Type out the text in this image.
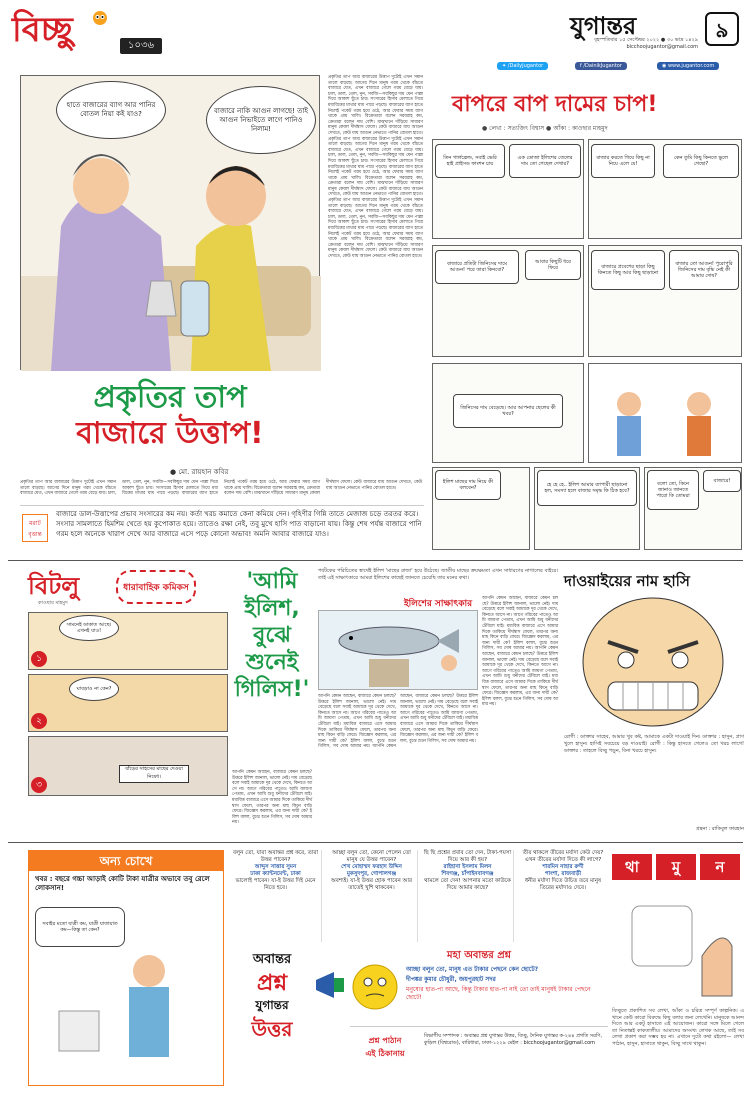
বিচ্ছু	১০৩৬
যুগান্তর
বৃহস্পতিবার ১৫ সেপ্টেম্বর ২০২২ ● ৩০ ভাদ্র ১৪২৯
bicchoojugantor@gmail.com
৯
✦ /DailyJugantor	f /DainikJugantor	◉ www.jugantor.com
হাতে বাজারের ব্যাগ আর পানির বোতল নিয়া কই যাও?	বাজারে নাকি আগুন লাগছে! তাই আগুন নিভাইতে লাগে পানিও নিলাম!
প্রকৃতির তাপ আর বাজারের উত্তাপ দুটোই এখন সমানতালে বাড়ছে। আগের দিনে মানুষ গরম থেকে বাঁচতে বাজারে যেত, এখন বাজারে গেলে গরম বেড়ে যায়। চাল, ডাল, তেল, নুন, সবজি—সবকিছুর দাম যেন পাল্লা দিয়ে আকাশ ছুঁতে চায়। সংসারের হিসাব মেলাতে গিয়ে মধ্যবিত্তের মাথার ঘাম পায়ে পড়ছে। বাজারের ব্যাগ হাতে নিলেই পকেট গরম হয়ে ওঠে, আর ফেরার সময় ব্যাগ থাকে প্রায় খালি। বিক্রেতারা বলেন সরবরাহ কম, ক্রেতারা বলেন দাম বেশি। মাঝখানে দাঁড়িয়ে সাধারণ মানুষ কেবল দীর্ঘশ্বাস ফেলে। কেউ বাজারে যায় আগুন দেখতে, কেউ যায় আগুন নেভাতে পানির বোতল হাতে। প্রকৃতির তাপ আর বাজারের উত্তাপ দুটোই এখন সমানতালে বাড়ছে। আগের দিনে মানুষ গরম থেকে বাঁচতে বাজারে যেত, এখন বাজারে গেলে গরম বেড়ে যায়। চাল, ডাল, তেল, নুন, সবজি—সবকিছুর দাম যেন পাল্লা দিয়ে আকাশ ছুঁতে চায়। সংসারের হিসাব মেলাতে গিয়ে মধ্যবিত্তের মাথার ঘাম পায়ে পড়ছে। বাজারের ব্যাগ হাতে নিলেই পকেট গরম হয়ে ওঠে, আর ফেরার সময় ব্যাগ থাকে প্রায় খালি। বিক্রেতারা বলেন সরবরাহ কম, ক্রেতারা বলেন দাম বেশি। মাঝখানে দাঁড়িয়ে সাধারণ মানুষ কেবল দীর্ঘশ্বাস ফেলে। কেউ বাজারে যায় আগুন দেখতে, কেউ যায় আগুন নেভাতে পানির বোতল হাতে। প্রকৃতির তাপ আর বাজারের উত্তাপ দুটোই এখন সমানতালে বাড়ছে। আগের দিনে মানুষ গরম থেকে বাঁচতে বাজারে যেত, এখন বাজারে গেলে গরম বেড়ে যায়। চাল, ডাল, তেল, নুন, সবজি—সবকিছুর দাম যেন পাল্লা দিয়ে আকাশ ছুঁতে চায়। সংসারের হিসাব মেলাতে গিয়ে মধ্যবিত্তের মাথার ঘাম পায়ে পড়ছে। বাজারের ব্যাগ হাতে নিলেই পকেট গরম হয়ে ওঠে, আর ফেরার সময় ব্যাগ থাকে প্রায় খালি। বিক্রেতারা বলেন সরবরাহ কম, ক্রেতারা বলেন দাম বেশি। মাঝখানে দাঁড়িয়ে সাধারণ মানুষ কেবল দীর্ঘশ্বাস ফেলে। কেউ বাজারে যায় আগুন দেখতে, কেউ যায় আগুন নেভাতে পানির বোতল হাতে।
প্রকৃতির তাপ
বাজারে উত্তাপ!
● মো. রায়হান কবির
প্রকৃতির তাপ আর বাজারের উত্তাপ দুটোই এখন সমানতালে বাড়ছে। আগের দিনে মানুষ গরম থেকে বাঁচতে বাজারে যেত, এখন বাজারে গেলে গরম বেড়ে যায়। চাল, ডাল, তেল, নুন, সবজি—সবকিছুর দাম যেন পাল্লা দিয়ে আকাশ ছুঁতে চায়। সংসারের হিসাব মেলাতে গিয়ে মধ্যবিত্তের মাথার ঘাম পায়ে পড়ছে। বাজারের ব্যাগ হাতে নিলেই পকেট গরম হয়ে ওঠে, আর ফেরার সময় ব্যাগ থাকে প্রায় খালি। বিক্রেতারা বলেন সরবরাহ কম, ক্রেতারা বলেন দাম বেশি। মাঝখানে দাঁড়িয়ে সাধারণ মানুষ কেবল দীর্ঘশ্বাস ফেলে। কেউ বাজারে যায় আগুন দেখতে, কেউ যায় আগুন নেভাতে পানির বোতল হাতে।
মরাট বৃত্তান্ত
বাজারে ডাল-উত্তাপের প্রভাব সংসারের কম নয়। কর্তা খরচ কমাতে কেনা কমিয়ে দেন। গৃহিণীর গিন্নি তাতে মেজাজ চড়ে তরতর করে। সংসার সামলাতে হিমশিম খেতে হয় কুপোকাত হয়ে। তাতেও রক্ষা নেই, তবু মুখে হাসি পাত বাড়ানো যায়। কিন্তু শেষ পর্যন্ত বাজারে পানি গরম হলে অনেকে খারাপ দেখে আর বাজারে এসে পড়ে কোনো অভাব! অমনি আবার বাজারে যাও।
বাপরে বাপ দামের চাপ!
● লেখা : সত্যজিৎ বিশ্বাস ● আঁকা : কাওছার মাহমুদ
তিন গার্লফ্রেন্ড, সবাই ভেরি হাই প্রাইসড ফাংশন চায়
এক ডোজা ইলিশের তেলের দাম তো গেছেল দেখার?
বাজার করতে গিয়ে কিছু না নিয়ে এলে যে!
কেন তুমি কিছু কিনতে ভুলে গেছো?
বাজারে প্রতিটা জিনিসের দামে আগুন! পরে তারা কিনবো?
আবার কিছুটি ধরে ফিরে	বাজারে প্রবেশের ছাড়া কিছু কিনতে কিছু আর কিছু ছাড়ানো
বাজার তো আগুন! পুরোপুরি জিনিসের দাম বৃদ্ধি নেই কী আমার দোষ?
জিনিসের দাম বেড়েছে। আর আপনার ছেলের কী খবর?
ইলিশ মাছের দাম নিয়ে কী বলবেন?	হে হে হে.. ইলিশ আমার ব্যাপারী ছাড়ানো হল, সমস্যা হলে বাজার সমৃদ্ধ কি ঠিক হবে?
বলো তো, কিনে জানাও জানতে পারো কি তোমরা
বাজারে!
বিটলু
কাওছার মাহমুদ
ধারাবাহিক কমিকস
১
সামনেই ডাকাত আছে। এখনই যাও!
২
ঘাবড়াও না কেন?
৩
যাঁড়ের সাহসের মাছের দেওয়া নিষেধ।
'আমি ইলিশ, বুঝে শুনেই গিলিস!'
পর্যটকের পরিচিতের স্বার্থেই ইলিশ 'মাছের রাজা' হয়ে উঠেছে। জাতীয় মাছের ক্রয়ক্ষমতা এখন সাধারণের নাগালের বাইরে। তাই এই সাক্ষাৎকারে আমরা ইলিশের কাছেই জানতে চেয়েছি তার মনের কথা।
ইলিশের সাক্ষাৎকার
আপনি কেমন আছেন, বাজারে কেমন চলছে? উত্তরে ইলিশ জানাল, ভালো নেই। দাম বেড়েছে বলে সবাই আমাকে দূর থেকে দেখে, কিনতে আসে না। আগে গরিবের পাতেও আমি জায়গা পেতাম, এখন আমি শুধু ধনীদের টেবিলে যাই। মধ্যবিত্ত বাজারে এসে আমার দিকে তাকিয়ে দীর্ঘশ্বাস ফেলে, তারপর অন্য মাছ কিনে বাড়ি ফেরে। জিজ্ঞেস করলাম, এর জন্য দায়ী কে? ইলিশ বলল, বুঝে শুনে গিলিস, সব দোষ আমার নয়।
আপনি কেমন আছেন, বাজারে কেমন চলছে? উত্তরে ইলিশ জানাল, ভালো নেই। দাম বেড়েছে বলে সবাই আমাকে দূর থেকে দেখে, কিনতে আসে না। আগে গরিবের পাতেও আমি জায়গা পেতাম, এখন আমি শুধু ধনীদের টেবিলে যাই। মধ্যবিত্ত বাজারে এসে আমার দিকে তাকিয়ে দীর্ঘশ্বাস ফেলে, তারপর অন্য মাছ কিনে বাড়ি ফেরে। জিজ্ঞেস করলাম, এর জন্য দায়ী কে? ইলিশ বলল, বুঝে শুনে গিলিস, সব দোষ আমার নয়। আপনি কেমন আছেন, বাজারে কেমন চলছে? উত্তরে ইলিশ জানাল, ভালো নেই। দাম বেড়েছে বলে সবাই আমাকে দূর থেকে দেখে, কিনতে আসে না। আগে গরিবের পাতেও আমি জায়গা পেতাম, এখন আমি শুধু ধনীদের টেবিলে যাই। মধ্যবিত্ত বাজারে এসে আমার দিকে তাকিয়ে দীর্ঘশ্বাস ফেলে, তারপর অন্য মাছ কিনে বাড়ি ফেরে। জিজ্ঞেস করলাম, এর জন্য দায়ী কে? ইলিশ বলল, বুঝে শুনে গিলিস, সব দোষ আমার নয়।
আপনি কেমন আছেন, বাজারে কেমন চলছে? উত্তরে ইলিশ জানাল, ভালো নেই। দাম বেড়েছে বলে সবাই আমাকে দূর থেকে দেখে, কিনতে আসে না। আগে গরিবের পাতেও আমি জায়গা পেতাম, এখন আমি শুধু ধনীদের টেবিলে যাই। মধ্যবিত্ত বাজারে এসে আমার দিকে তাকিয়ে দীর্ঘশ্বাস ফেলে, তারপর অন্য মাছ কিনে বাড়ি ফেরে। জিজ্ঞেস করলাম, এর জন্য দায়ী কে? ইলিশ বলল, বুঝে শুনে গিলিস, সব দোষ আমার নয়। আপনি কেমন আছেন, বাজারে কেমন চলছে? উত্তরে ইলিশ জানাল, ভালো নেই। দাম বেড়েছে বলে সবাই আমাকে দূর থেকে দেখে, কিনতে আসে না। আগে গরিবের পাতেও আমি জায়গা পেতাম, এখন আমি শুধু ধনীদের টেবিলে যাই। মধ্যবিত্ত বাজারে এসে আমার দিকে তাকিয়ে দীর্ঘশ্বাস ফেলে, তারপর অন্য মাছ কিনে বাড়ি ফেরে। জিজ্ঞেস করলাম, এর জন্য দায়ী কে? ইলিশ বলল, বুঝে শুনে গিলিস, সব দোষ আমার নয়।
দাওয়াইয়ের নাম হাসি
রোগী : ডাক্তার সাহেব, আমার খুব কষ্ট, আমাকে একটা দাওয়াই দিন। ডাক্তার : হাসুন, প্রাণ খুলে হাসুন। হাসিই সবচেয়ে বড় দাওয়াই। রোগী : কিন্তু হাসতে গেলেও তো খরচ লাগে! ডাক্তার : তাহলে বিচ্ছু পড়ুন, বিনা খরচে হাসুন।
গ্রন্থনা : রাকিবুল ফারহান
অন্য চোখে
খবর : বছরে গচ্চা আড়াই কোটি টাকা যাত্রীর অভাবে তবু রেলে লোকসান!
সবাইর মতো যাত্রী কম, যাত্রী যাতায়াত কম—কিন্তু তা কেন?
বলুন তো, যারা অবান্তর প্রশ্ন করে, তারা উত্তর পাবেন?
আব্দুস সাত্তার সুমন
ঢাকা ক্যান্টনমেন্ট, ঢাকা
ভালোই পাবেন। যা-ই উত্তর দিই মেনে নিতে হবে।
আচ্ছা বলুন তো, কেনো পেলেন তো মানুষ যে উত্তর পাবেন?
শেখ মোহাম্মদ ফরহাদ উদ্দিন
মুকসুদপুর, গোপালগঞ্জ
অবশ্যই। যা-ই উত্তর হোক পাবেন আর তাতেই খুশি থাকবেন।
ছি ছি প্রশ্নের প্রবাব তো দেন, টাকা-পয়সা দিয়ে আর কী হয়?
রাইহানা ইসলাম মিলন
শিবগঞ্জ, চাঁপাইনবাবগঞ্জ
থামলে তো দেন! আপনার মতো কাউকে দিয়ে আমার কাছে?
তীর থাকলে তীরের মর্যাদা কেউ দেয়? এখন তীরের মর্যাদা দিতে কী লাগে?
শারমিন নাহার রুণী
পাংশা, রাজবাড়ী
ধনীর মর্যাদা দিতে উচিত তবে মানুষ তিরের মর্যাদাও দেবে।
অবান্তর
প্রশ্ন
যুগান্তর
উত্তর
মহা অবান্তর প্রশ্ন
আচ্ছা বলুন তো, মানুষ এত টাকার পেছনে কেন ছোটে?
দীপঙ্কর কুমার চৌধুরী, জয়পুরহাট সদর
মনুষ্যের হাত-পা আছে, কিন্তু টাকার হাত-পা নাই তো তাই মানুষই টাকার পেছনে ছোটে!
প্রশ্ন পাঠান
এই ঠিকানায়
বিভাগীয় সম্পাদক : অবান্তর প্রশ্ন যুগান্তর উত্তর, বিচ্ছু, দৈনিক যুগান্তর ক-২৪৪ প্রগতি সরণি, কুড়িল (বিশ্বরোড), বারিধারা, ঢাকা-১২২৯ মেইল : bicchoojugantor@gmail.com
থা	মু	ন
বিচ্ছুতে প্রকাশিত সব লেখা, আঁকা ও চরিত্র সম্পূর্ণ কাল্পনিক। এখানে কেউ কারো বিরুদ্ধে কিছু বলার জন্য লেখেনি। মানুষকে আনন্দ দিতে আর একটু হাসাতে এই আয়োজন। কারো সঙ্গে মিলে গেলে তা নিতান্তই কাকতালীয়। আমাদের অসংখ্য লেখক আছে, তাই সব লেখা প্রকাশ করা সম্ভব হয় না। এখানে দুটো কথা রইলো— লেখা পাঠান, হাসুন, হাসাতে থাকুন, বিচ্ছু সাথে থাকুন।
